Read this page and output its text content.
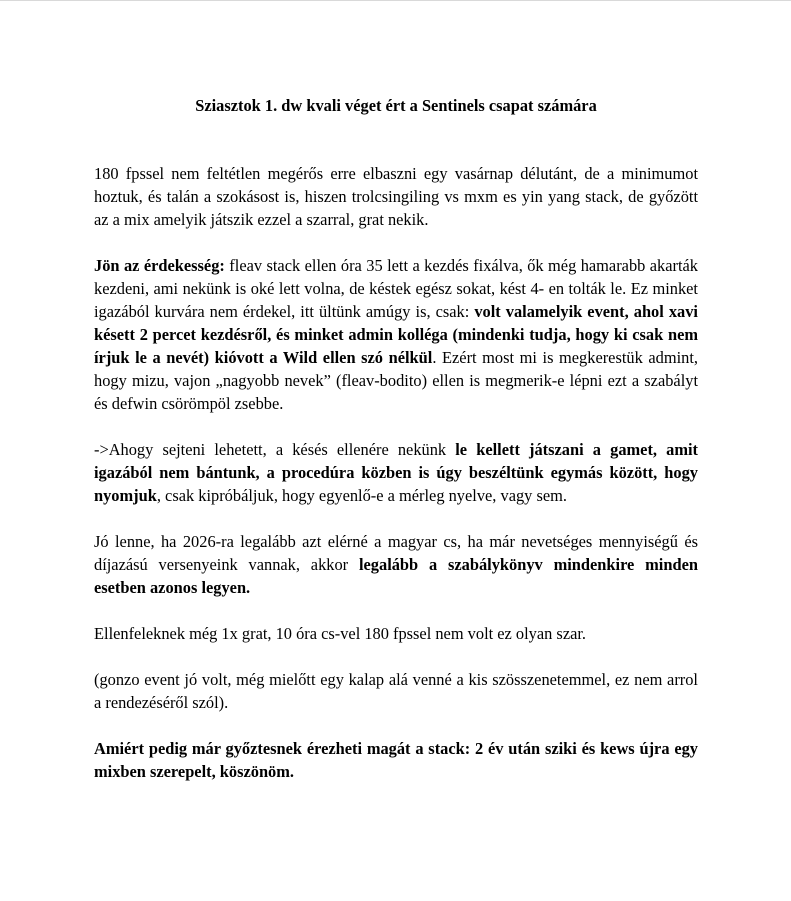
Sziasztok 1. dw kvali véget ért a Sentinels csapat számára

180 fpssel nem feltétlen megérős erre elbaszni egy vasárnap délutánt, de a minimumot hoztuk, és talán a szokásost is, hiszen trolcsingiling vs mxm es yin yang stack, de győzött az a mix amelyik játszik ezzel a szarral, grat nekik.

Jön az érdekesség: fleav stack ellen óra 35 lett a kezdés fixálva, ők még hamarabb akarták kezdeni, ami nekünk is oké lett volna, de késtek egész sokat, kést 4- en tolták le. Ez minket igazából kurvára nem érdekel, itt ültünk amúgy is, csak: volt valamelyik event, ahol xavi késett 2 percet kezdésről, és minket admin kolléga (mindenki tudja, hogy ki csak nem írjuk le a nevét) kióvott a Wild ellen szó nélkül. Ezért most mi is megkerestük admint, hogy mizu, vajon „nagyobb nevek” (fleav-bodito) ellen is megmerik-e lépni ezt a szabályt és defwin csörömpöl zsebbe.

->Ahogy sejteni lehetett, a késés ellenére nekünk le kellett játszani a gamet, amit igazából nem bántunk, a procedúra közben is úgy beszéltünk egymás között, hogy nyomjuk, csak kipróbáljuk, hogy egyenlő-e a mérleg nyelve, vagy sem.

Jó lenne, ha 2026-ra legalább azt elérné a magyar cs, ha már nevetséges mennyiségű és díjazású versenyeink vannak, akkor legalább a szabálykönyv mindenkire minden esetben azonos legyen.

Ellenfeleknek még 1x grat, 10 óra cs-vel 180 fpssel nem volt ez olyan szar.

(gonzo event jó volt, még mielőtt egy kalap alá venné a kis szösszenetemmel, ez nem arrol a rendezéséről szól).

Amiért pedig már győztesnek érezheti magát a stack: 2 év után sziki és kews újra egy mixben szerepelt, köszönöm.
